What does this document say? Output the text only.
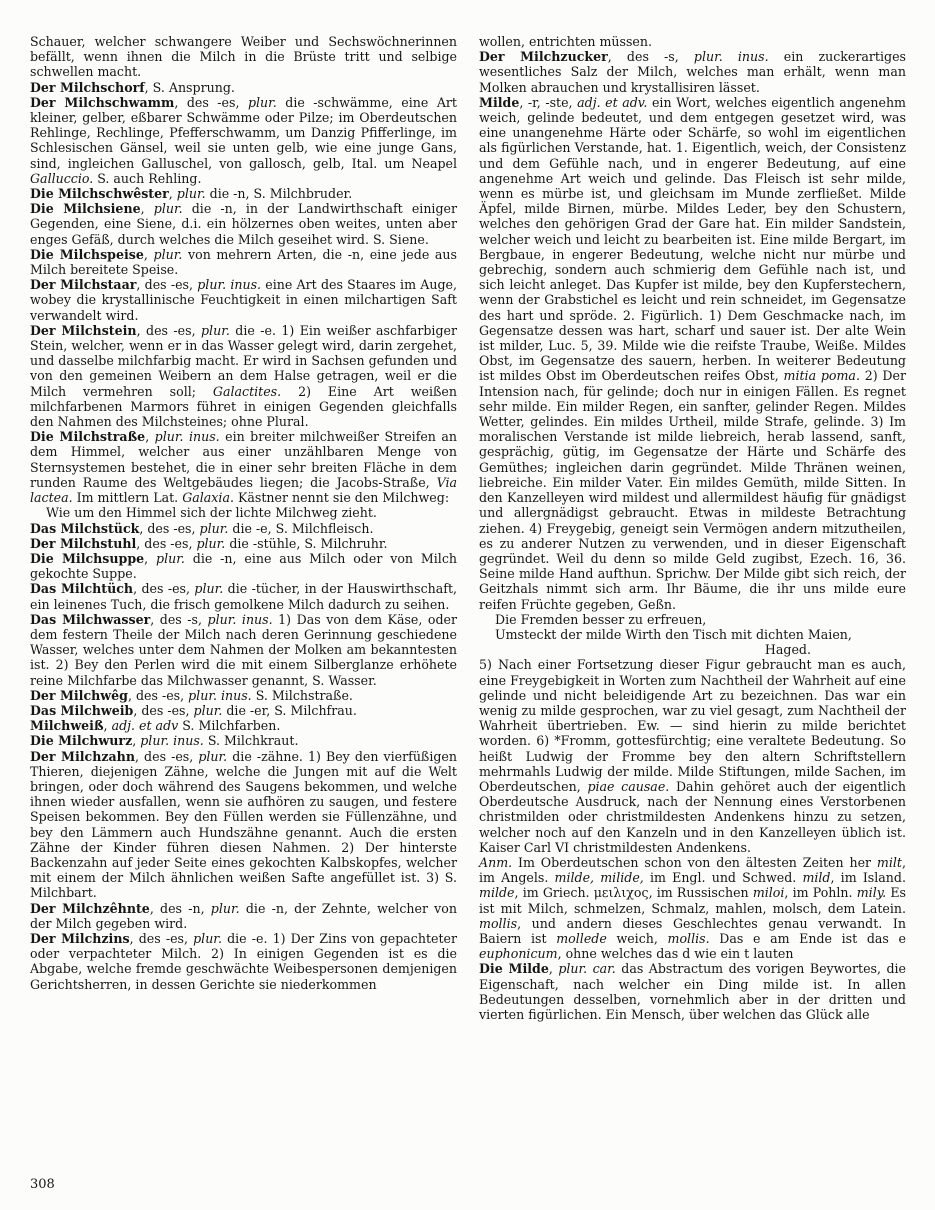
Schauer, welcher schwangere Weiber und Sechswöchnerinnen befällt, wenn ihnen die Milch in die Brüste tritt und selbige schwellen macht.

Der Milchschorf, S. Ansprung.

Der Milchschwamm, des -es, plur. die -schwämme, eine Art kleiner, gelber, eßbarer Schwämme oder Pilze; im Oberdeutschen Rehlinge, Rechlinge, Pfefferschwamm, um Danzig Pfifferlinge, im Schlesischen Gänsel, weil sie unten gelb, wie eine junge Gans, sind, ingleichen Galluschel, von gallosch, gelb, Ital. um Neapel Galluccio. S. auch Rehling.

Die Milchschwêster, plur. die -n, S. Milchbruder.

Die Milchsiene, plur. die -n, in der Landwirthschaft einiger Gegenden, eine Siene, d.i. ein hölzernes oben weites, unten aber enges Gefäß, durch welches die Milch geseihet wird. S. Siene.

Die Milchspeise, plur. von mehrern Arten, die -n, eine jede aus Milch bereitete Speise.

Der Milchstaar, des -es, plur. inus. eine Art des Staares im Auge, wobey die krystallinische Feuchtigkeit in einen milchartigen Saft verwandelt wird.

Der Milchstein, des -es, plur. die -e. 1) Ein weißer aschfarbiger Stein, welcher, wenn er in das Wasser gelegt wird, darin zergehet, und dasselbe milchfarbig macht. Er wird in Sachsen gefunden und von den gemeinen Weibern an dem Halse getragen, weil er die Milch vermehren soll; Galactites. 2) Eine Art weißen milchfarbenen Marmors führet in einigen Gegenden gleichfalls den Nahmen des Milchsteines; ohne Plural.

Die Milchstraße, plur. inus. ein breiter milchweißer Streifen an dem Himmel, welcher aus einer unzählbaren Menge von Sternsystemen bestehet, die in einer sehr breiten Fläche in dem runden Raume des Weltgebäudes liegen; die Jacobs-Straße, Via lactea. Im mittlern Lat. Galaxia. Kästner nennt sie den Milchweg:

Wie um den Himmel sich der lichte Milchweg zieht.

Das Milchstück, des -es, plur. die -e, S. Milchfleisch.

Der Milchstuhl, des -es, plur. die -stühle, S. Milchruhr.

Die Milchsuppe, plur. die -n, eine aus Milch oder von Milch gekochte Suppe.

Das Milchtüch, des -es, plur. die -tücher, in der Hauswirthschaft, ein leinenes Tuch, die frisch gemolkene Milch dadurch zu seihen.

Das Milchwasser, des -s, plur. inus. 1) Das von dem Käse, oder dem festern Theile der Milch nach deren Gerinnung geschiedene Wasser, welches unter dem Nahmen der Molken am bekanntesten ist. 2) Bey den Perlen wird die mit einem Silberglanze erhöhete reine Milchfarbe das Milchwasser genannt, S. Wasser.

Der Milchwêg, des -es, plur. inus. S. Milchstraße.

Das Milchweib, des -es, plur. die -er, S. Milchfrau.

Milchweiß, adj. et adv S. Milchfarben.

Die Milchwurz, plur. inus. S. Milchkraut.

Der Milchzahn, des -es, plur. die -zähne. 1) Bey den vierfüßigen Thieren, diejenigen Zähne, welche die Jungen mit auf die Welt bringen, oder doch während des Saugens bekommen, und welche ihnen wieder ausfallen, wenn sie aufhören zu saugen, und festere Speisen bekommen. Bey den Füllen werden sie Füllenzähne, und bey den Lämmern auch Hundszähne genannt. Auch die ersten Zähne der Kinder führen diesen Nahmen. 2) Der hinterste Backenzahn auf jeder Seite eines gekochten Kalbskopfes, welcher mit einem der Milch ähnlichen weißen Safte angefüllet ist. 3) S. Milchbart.

Der Milchzêhnte, des -n, plur. die -n, der Zehnte, welcher von der Milch gegeben wird.

Der Milchzins, des -es, plur. die -e. 1) Der Zins von gepachteter oder verpachteter Milch. 2) In einigen Gegenden ist es die Abgabe, welche fremde geschwächte Weibespersonen demjenigen Gerichtsherren, in dessen Gerichte sie niederkommen

wollen, entrichten müssen.

Der Milchzucker, des -s, plur. inus. ein zuckerartiges wesentliches Salz der Milch, welches man erhält, wenn man Molken abrauchen und krystallisiren lässet.

Milde, -r, -ste, adj. et adv. ein Wort, welches eigentlich angenehm weich, gelinde bedeutet, und dem entgegen gesetzet wird, was eine unangenehme Härte oder Schärfe, so wohl im eigentlichen als figürlichen Verstande, hat. 1. Eigentlich, weich, der Consistenz und dem Gefühle nach, und in engerer Bedeutung, auf eine angenehme Art weich und gelinde. Das Fleisch ist sehr milde, wenn es mürbe ist, und gleichsam im Munde zerfließet. Milde Äpfel, milde Birnen, mürbe. Mildes Leder, bey den Schustern, welches den gehörigen Grad der Gare hat. Ein milder Sandstein, welcher weich und leicht zu bearbeiten ist. Eine milde Bergart, im Bergbaue, in engerer Bedeutung, welche nicht nur mürbe und gebrechig, sondern auch schmierig dem Gefühle nach ist, und sich leicht anleget. Das Kupfer ist milde, bey den Kupferstechern, wenn der Grabstichel es leicht und rein schneidet, im Gegensatze des hart und spröde. 2. Figürlich. 1) Dem Geschmacke nach, im Gegensatze dessen was hart, scharf und sauer ist. Der alte Wein ist milder, Luc. 5, 39. Milde wie die reifste Traube, Weiße. Mildes Obst, im Gegensatze des sauern, herben. In weiterer Bedeutung ist mildes Obst im Oberdeutschen reifes Obst, mitia poma. 2) Der Intension nach, für gelinde; doch nur in einigen Fällen. Es regnet sehr milde. Ein milder Regen, ein sanfter, gelinder Regen. Mildes Wetter, gelindes. Ein mildes Urtheil, milde Strafe, gelinde. 3) Im moralischen Verstande ist milde liebreich, herab lassend, sanft, gesprächig, gütig, im Gegensatze der Härte und Schärfe des Gemüthes; ingleichen darin gegründet. Milde Thränen weinen, liebreiche. Ein milder Vater. Ein mildes Gemüth, milde Sitten. In den Kanzelleyen wird mildest und allermildest häufig für gnädigst und allergnädigst gebraucht. Etwas in mildeste Betrachtung ziehen. 4) Freygebig, geneigt sein Vermögen andern mitzutheilen, es zu anderer Nutzen zu verwenden, und in dieser Eigenschaft gegründet. Weil du denn so milde Geld zugibst, Ezech. 16, 36. Seine milde Hand aufthun. Sprichw. Der Milde gibt sich reich, der Geitzhals nimmt sich arm. Ihr Bäume, die ihr uns milde eure reifen Früchte gegeben, Geßn.

Die Fremden besser zu erfreuen,

Umsteckt der milde Wirth den Tisch mit dichten Maien,

Haged.

5) Nach einer Fortsetzung dieser Figur gebraucht man es auch, eine Freygebigkeit in Worten zum Nachtheil der Wahrheit auf eine gelinde und nicht beleidigende Art zu bezeichnen. Das war ein wenig zu milde gesprochen, war zu viel gesagt, zum Nachtheil der Wahrheit übertrieben. Ew. — sind hierin zu milde berichtet worden. 6) *Fromm, gottesfürchtig; eine veraltete Bedeutung. So heißt Ludwig der Fromme bey den altern Schriftstellern mehrmahls Ludwig der milde. Milde Stiftungen, milde Sachen, im Oberdeutschen, piae causae. Dahin gehöret auch der eigentlich Oberdeutsche Ausdruck, nach der Nennung eines Verstorbenen christmilden oder christmildesten Andenkens hinzu zu setzen, welcher noch auf den Kanzeln und in den Kanzelleyen üblich ist. Kaiser Carl VI christmildesten Andenkens.

Anm. Im Oberdeutschen schon von den ältesten Zeiten her milt, im Angels. milde, milide, im Engl. und Schwed. mild, im Island. milde, im Griech. μειλιχος, im Russischen miloi, im Pohln. mily. Es ist mit Milch, schmelzen, Schmalz, mahlen, molsch, dem Latein. mollis, und andern dieses Geschlechtes genau verwandt. In Baiern ist mollede weich, mollis. Das e am Ende ist das e euphonicum, ohne welches das d wie ein t lauten

Die Milde, plur. car. das Abstractum des vorigen Beywortes, die Eigenschaft, nach welcher ein Ding milde ist. In allen Bedeutungen desselben, vornehmlich aber in der dritten und vierten figürlichen. Ein Mensch, über welchen das Glück alle

308
